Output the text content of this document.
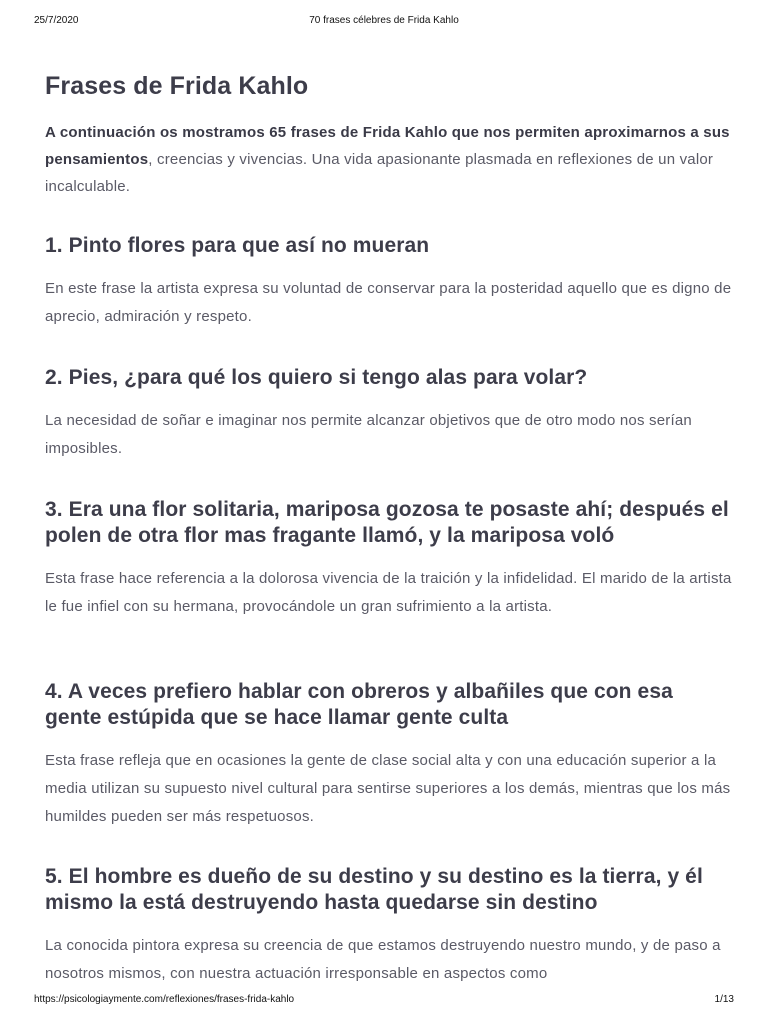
25/7/2020	70 frases célebres de Frida Kahlo
Frases de Frida Kahlo

A continuación os mostramos 65 frases de Frida Kahlo que nos permiten aproximarnos a sus pensamientos, creencias y vivencias. Una vida apasionante plasmada en reflexiones de un valor incalculable.

1. Pinto flores para que así no mueran

En este frase la artista expresa su voluntad de conservar para la posteridad aquello que es digno de aprecio, admiración y respeto.

2. Pies, ¿para qué los quiero si tengo alas para volar?

La necesidad de soñar e imaginar nos permite alcanzar objetivos que de otro modo nos serían imposibles.

3. Era una flor solitaria, mariposa gozosa te posaste ahí; después el polen de otra flor mas fragante llamó, y la mariposa voló

Esta frase hace referencia a la dolorosa vivencia de la traición y la infidelidad. El marido de la artista le fue infiel con su hermana, provocándole un gran sufrimiento a la artista.

4. A veces prefiero hablar con obreros y albañiles que con esa gente estúpida que se hace llamar gente culta

Esta frase refleja que en ocasiones la gente de clase social alta y con una educación superior a la media utilizan su supuesto nivel cultural para sentirse superiores a los demás, mientras que los más humildes pueden ser más respetuosos.

5. El hombre es dueño de su destino y su destino es la tierra, y él mismo la está destruyendo hasta quedarse sin destino

La conocida pintora expresa su creencia de que estamos destruyendo nuestro mundo, y de paso a nosotros mismos, con nuestra actuación irresponsable en aspectos como

https://psicologiaymente.com/reflexiones/frases-frida-kahlo	1/13
